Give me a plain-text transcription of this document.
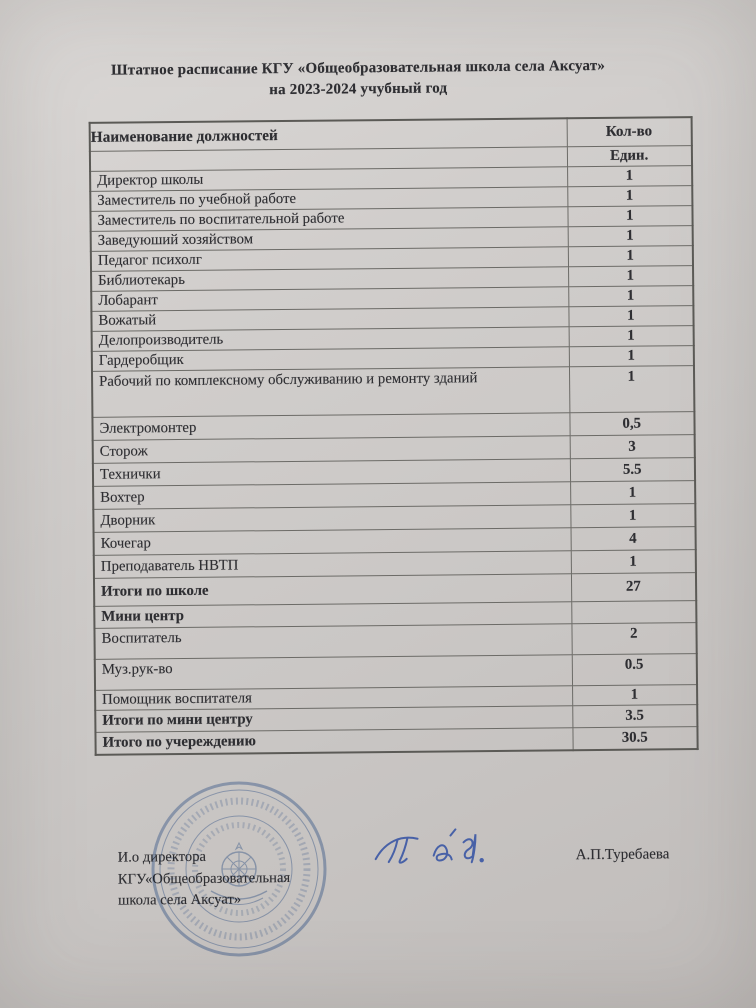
Штатное расписание КГУ «Общеобразовательная школа села Аксуат»
на 2023-2024 учубный год
Наименование должностей	Кол-во
	Един.
Директор школы	1
Заместитель по учебной работе	1
Заместитель по воспитательной работе	1
Заведуюший хозяйством	1
Педагог психолг	1
Библиотекарь	1
Лобарант	1
Вожатый	1
Делопроизводитель	1
Гардеробщик	1
Рабочий по комплексному обслуживанию и ремонту зданий	1
Электромонтер	0,5
Сторож	3
Технички	5.5
Вохтер	1
Дворник	1
Кочегар	4
Преподаватель НВТП	1
Итоги по школе	27
Мини центр	
Воспитатель	2
Муз.рук-во	0.5
Помощник воспитателя	1
Итоги по мини центру	3.5
Итого по учереждению	30.5
И.о директора
КГУ«Общеобразовательная
школа села Аксуат»
А.П.Туребаева
